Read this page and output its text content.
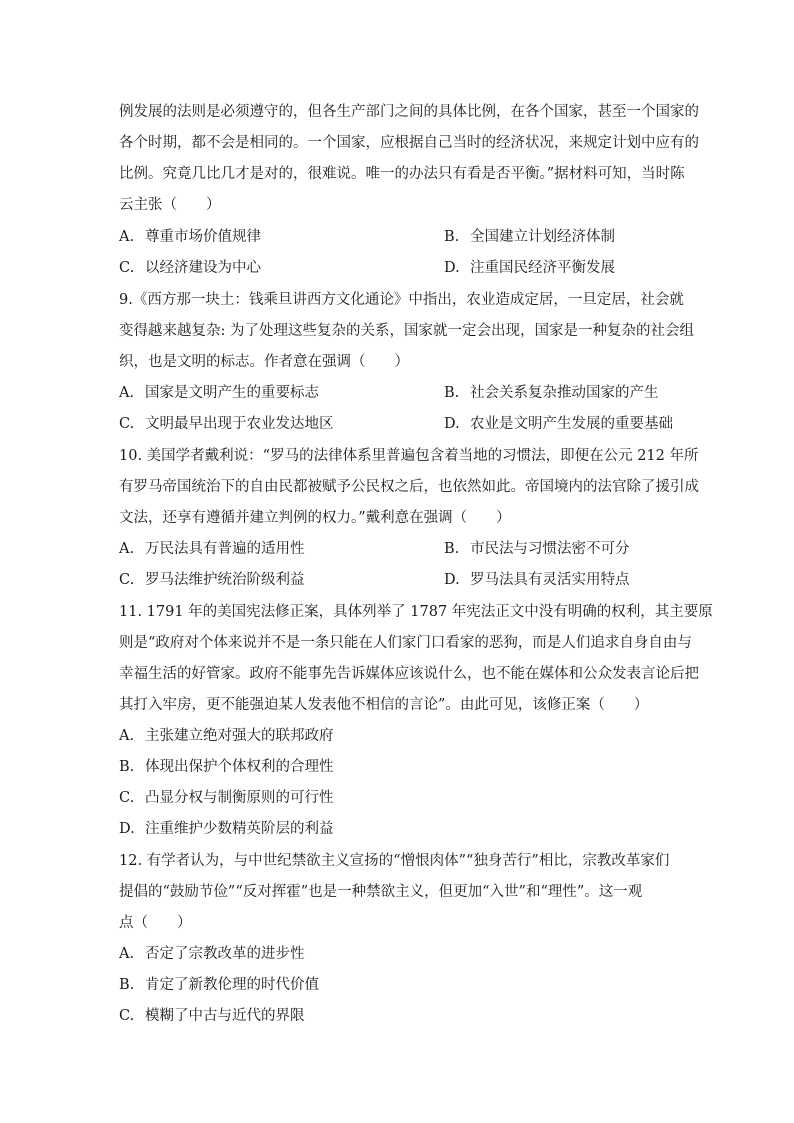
例发展的法则是必须遵守的，但各生产部门之间的具体比例，在各个国家，甚至一个国家的
各个时期，都不会是相同的。一个国家，应根据自己当时的经济状况，来规定计划中应有的
比例。究竟几比几才是对的，很难说。唯一的办法只有看是否平衡。”据材料可知，当时陈
云主张（　　）
A. 尊重市场价值规律	B. 全国建立计划经济体制
C. 以经济建设为中心	D. 注重国民经济平衡发展
9.《西方那一块土：钱乘旦讲西方文化通论》中指出，农业造成定居，一旦定居，社会就
变得越来越复杂: 为了处理这些复杂的关系，国家就一定会出现，国家是一种复杂的社会组
织，也是文明的标志。作者意在强调（　　）
A. 国家是文明产生的重要标志	B. 社会关系复杂推动国家的产生
C. 文明最早出现于农业发达地区	D. 农业是文明产生发展的重要基础
10. 美国学者戴利说：“罗马的法律体系里普遍包含着当地的习惯法，即便在公元 212 年所
有罗马帝国统治下的自由民都被赋予公民权之后，也依然如此。帝国境内的法官除了援引成
文法，还享有遵循并建立判例的权力。”戴利意在强调（　　）
A. 万民法具有普遍的适用性	B. 市民法与习惯法密不可分
C. 罗马法维护统治阶级利益	D. 罗马法具有灵活实用特点
11. 1791 年的美国宪法修正案，具体列举了 1787 年宪法正文中没有明确的权利，其主要原
则是“政府对个体来说并不是一条只能在人们家门口看家的恶狗，而是人们追求自身自由与
幸福生活的好管家。政府不能事先告诉媒体应该说什么，也不能在媒体和公众发表言论后把
其打入牢房，更不能强迫某人发表他不相信的言论”。由此可见，该修正案（　　）
A. 主张建立绝对强大的联邦政府
B. 体现出保护个体权利的合理性
C. 凸显分权与制衡原则的可行性
D. 注重维护少数精英阶层的利益
12. 有学者认为，与中世纪禁欲主义宣扬的“憎恨肉体”“独身苦行”相比，宗教改革家们
提倡的“鼓励节俭”“反对挥霍”也是一种禁欲主义，但更加“入世”和“理性”。这一观
点（　　）
A. 否定了宗教改革的进步性
B. 肯定了新教伦理的时代价值
C. 模糊了中古与近代的界限
